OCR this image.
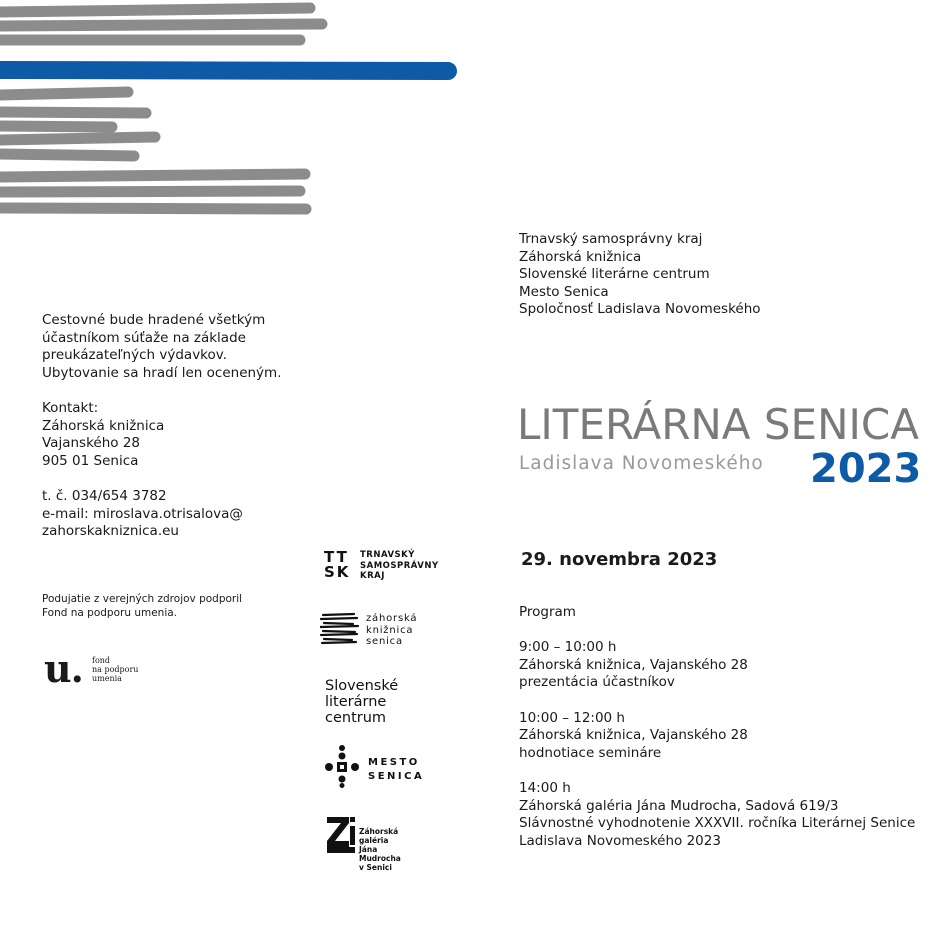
Trnavský samosprávny kraj
Záhorská knižnica
Slovenské literárne centrum
Mesto Senica
Spoločnosť Ladislava Novomeského
Cestovné bude hradené všetkým
účastníkom súťaže na základe
preukázateľných výdavkov.
Ubytovanie sa hradí len oceneným.
Kontakt:
Záhorská knižnica
Vajanského 28
905 01 Senica
t. č. 034/654 3782
e-mail: miroslava.otrisalova@
zahorskakniznica.eu
Podujatie z verejných zdrojov podporil
Fond na podporu umenia.
u. fond
na podporu
umenia
LITERÁRNA SENICA
Ladislava Novomeského 2023
29. novembra 2023
Program
9:00 – 10:00 h
Záhorská knižnica, Vajanského 28
prezentácia účastníkov
10:00 – 12:00 h
Záhorská knižnica, Vajanského 28
hodnotiace semináre
14:00 h
Záhorská galéria Jána Mudrocha, Sadová 619/3
Slávnostné vyhodnotenie XXXVII. ročníka Literárnej Senice
Ladislava Novomeského 2023
TT
SK
TRNAVSKÝ
SAMOSPRÁVNY
KRAJ
záhorská
knižnica
senica
Slovenské
literárne
centrum
MESTO
SENICA
Záhorská galéria
Jána Mudrocha
v Senici
